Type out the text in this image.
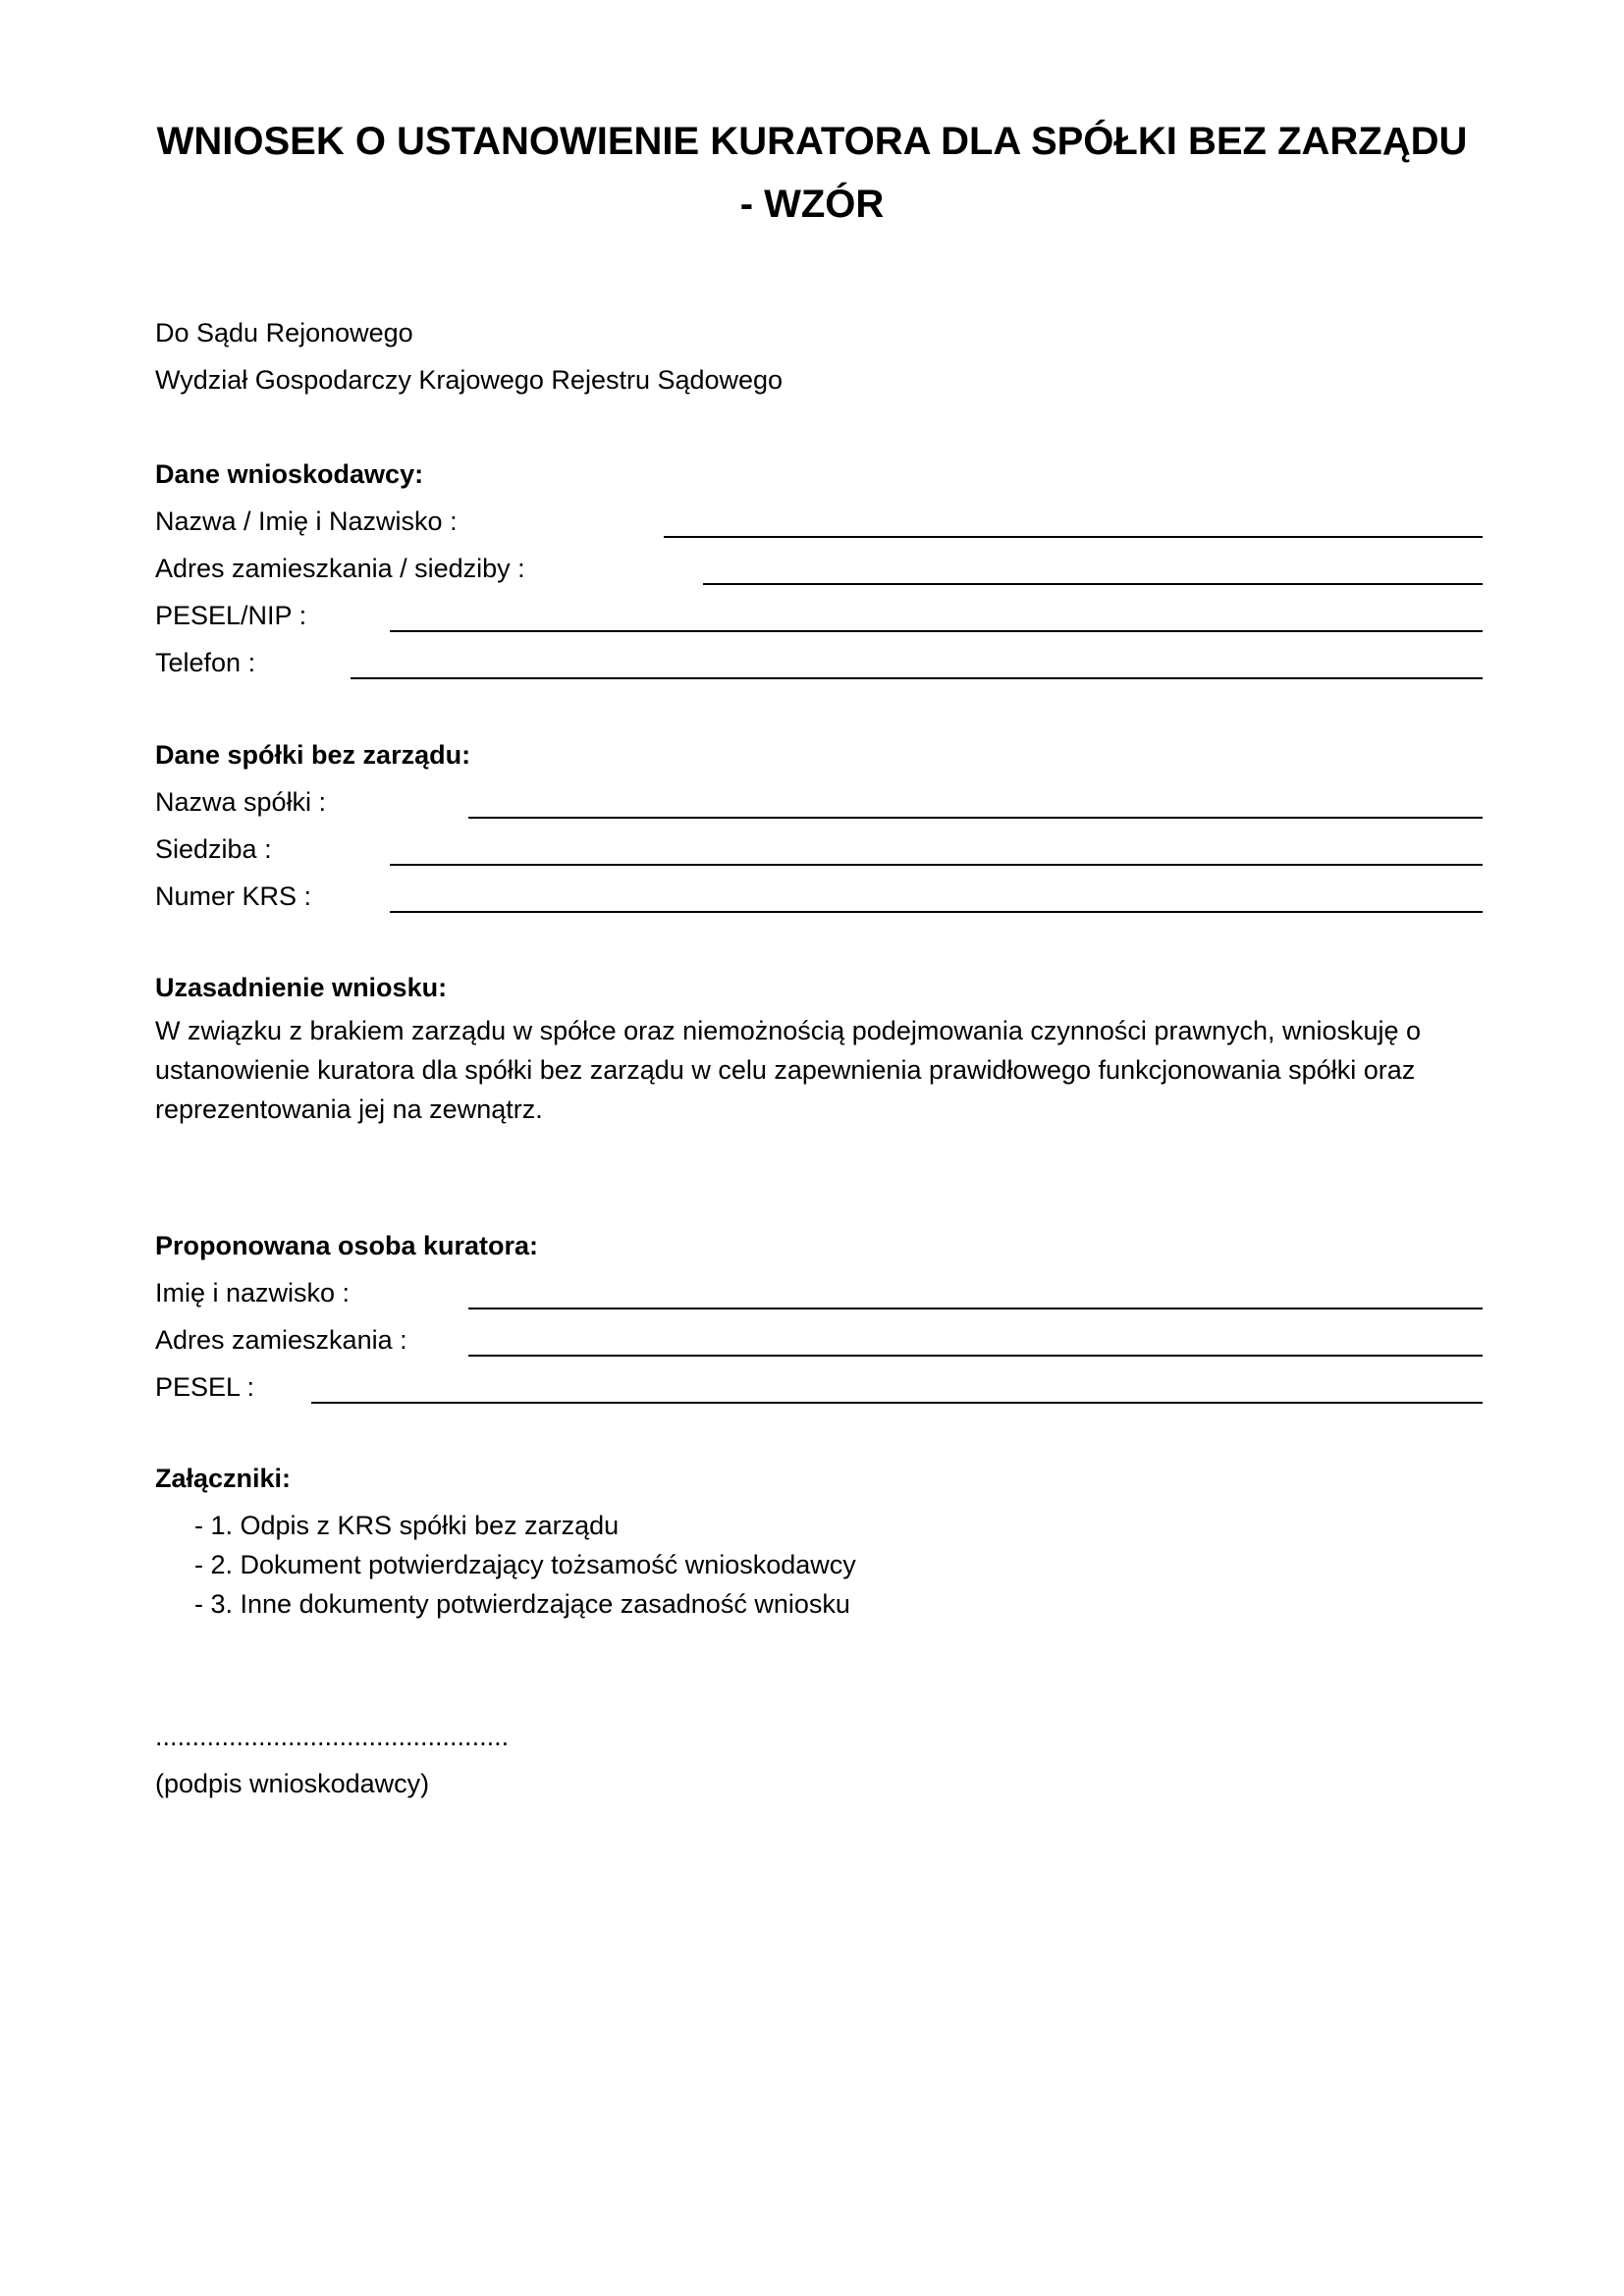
WNIOSEK O USTANOWIENIE KURATORA DLA SPÓŁKI BEZ ZARZĄDU
- WZÓR
Do Sądu Rejonowego
Wydział Gospodarczy Krajowego Rejestru Sądowego
Dane wnioskodawcy:
Nazwa / Imię i Nazwisko :
Adres zamieszkania / siedziby :
PESEL/NIP :
Telefon :
Dane spółki bez zarządu:
Nazwa spółki :
Siedziba :
Numer KRS :
Uzasadnienie wniosku:
W związku z brakiem zarządu w spółce oraz niemożnością podejmowania czynności prawnych, wnioskuję o
ustanowienie kuratora dla spółki bez zarządu w celu zapewnienia prawidłowego funkcjonowania spółki oraz
reprezentowania jej na zewnątrz.
Proponowana osoba kuratora:
Imię i nazwisko :
Adres zamieszkania :
PESEL :
Załączniki:
- 1. Odpis z KRS spółki bez zarządu
- 2. Dokument potwierdzający tożsamość wnioskodawcy
- 3. Inne dokumenty potwierdzające zasadność wniosku
................................................
(podpis wnioskodawcy)
